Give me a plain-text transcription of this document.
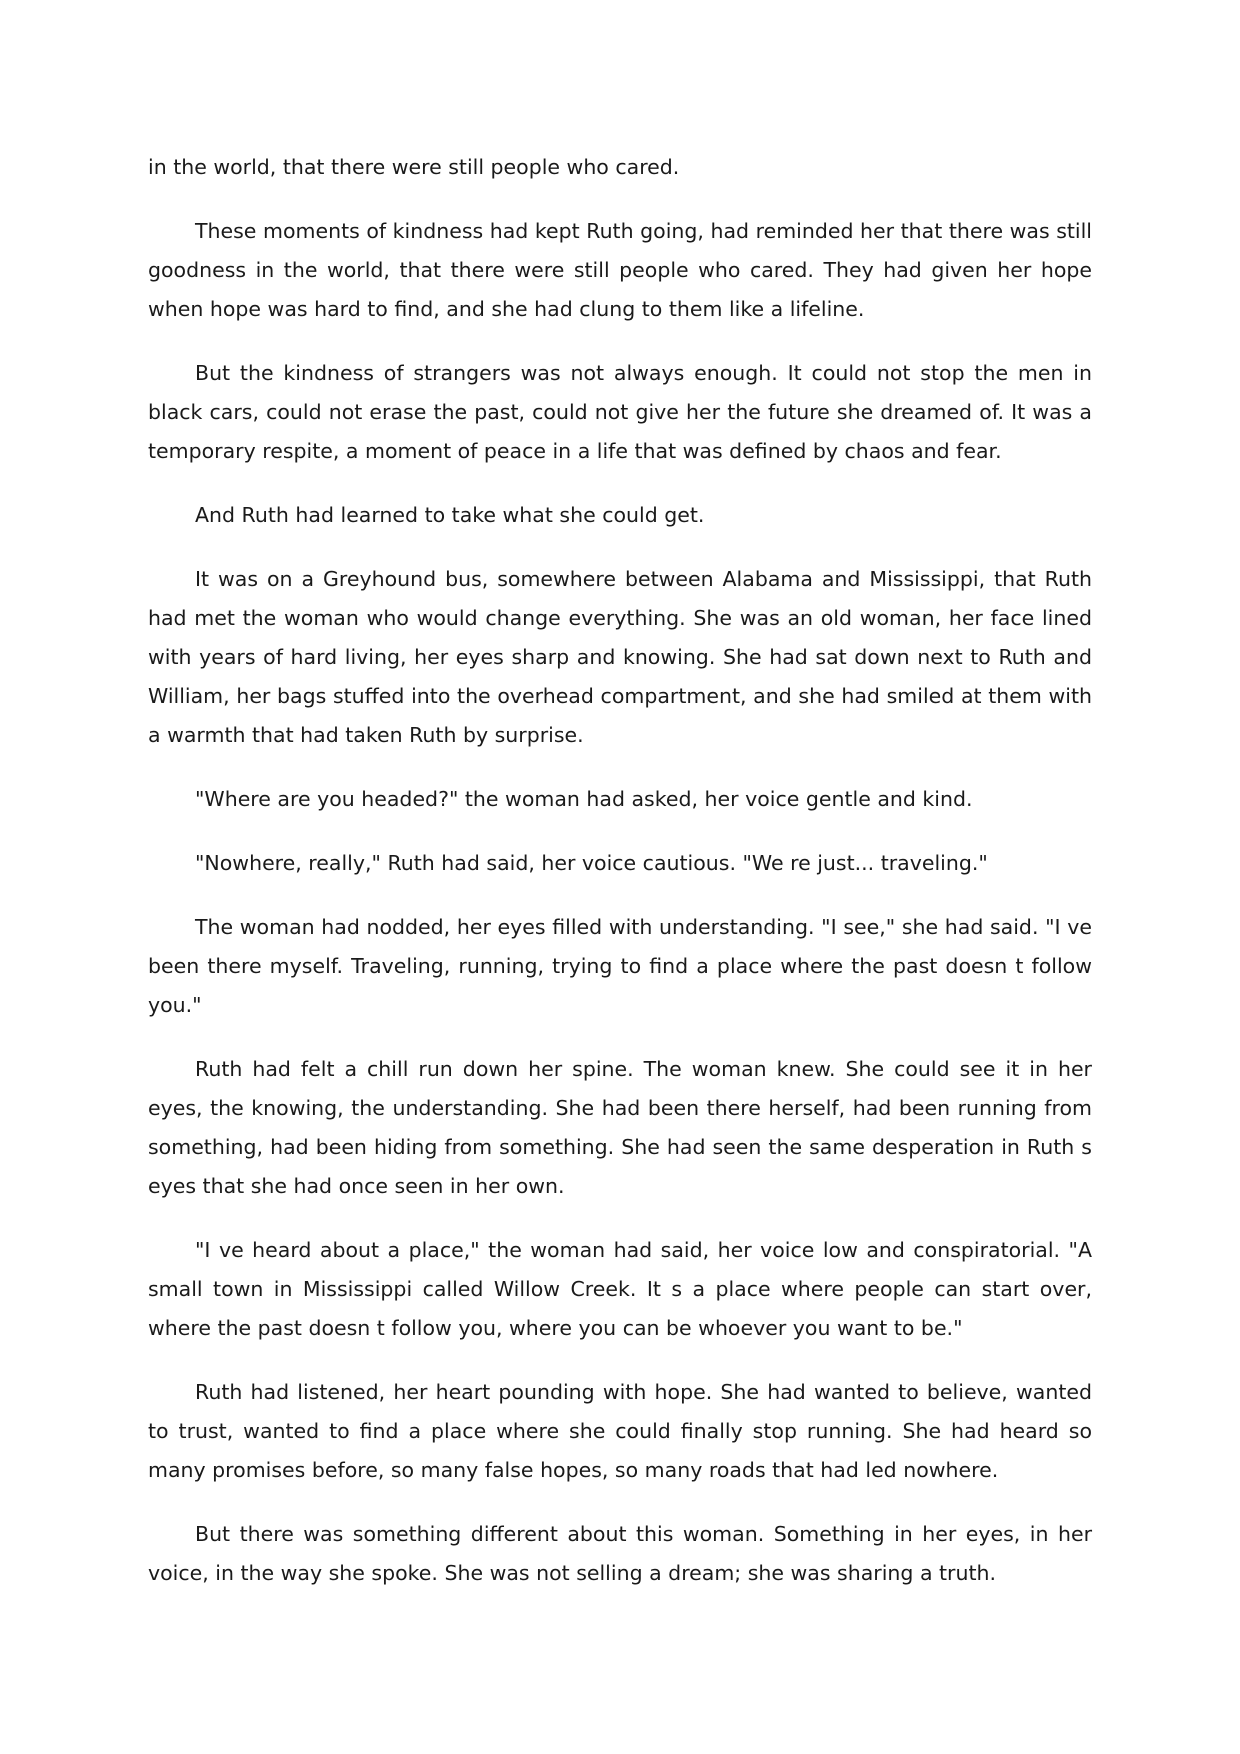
in the world, that there were still people who cared.

These moments of kindness had kept Ruth going, had reminded her that there was still goodness in the world, that there were still people who cared. They had given her hope when hope was hard to find, and she had clung to them like a lifeline.

But the kindness of strangers was not always enough. It could not stop the men in black cars, could not erase the past, could not give her the future she dreamed of. It was a temporary respite, a moment of peace in a life that was defined by chaos and fear.

And Ruth had learned to take what she could get.

It was on a Greyhound bus, somewhere between Alabama and Mississippi, that Ruth had met the woman who would change everything. She was an old woman, her face lined with years of hard living, her eyes sharp and knowing. She had sat down next to Ruth and William, her bags stuffed into the overhead compartment, and she had smiled at them with a warmth that had taken Ruth by surprise.

"Where are you headed?" the woman had asked, her voice gentle and kind.

"Nowhere, really," Ruth had said, her voice cautious. "We re just... traveling."

The woman had nodded, her eyes filled with understanding. "I see," she had said. "I ve been there myself. Traveling, running, trying to find a place where the past doesn t follow you."

Ruth had felt a chill run down her spine. The woman knew. She could see it in her eyes, the knowing, the understanding. She had been there herself, had been running from something, had been hiding from something. She had seen the same desperation in Ruth s eyes that she had once seen in her own.

"I ve heard about a place," the woman had said, her voice low and conspiratorial. "A small town in Mississippi called Willow Creek. It s a place where people can start over, where the past doesn t follow you, where you can be whoever you want to be."

Ruth had listened, her heart pounding with hope. She had wanted to believe, wanted to trust, wanted to find a place where she could finally stop running. She had heard so many promises before, so many false hopes, so many roads that had led nowhere.

But there was something different about this woman. Something in her eyes, in her voice, in the way she spoke. She was not selling a dream; she was sharing a truth.
